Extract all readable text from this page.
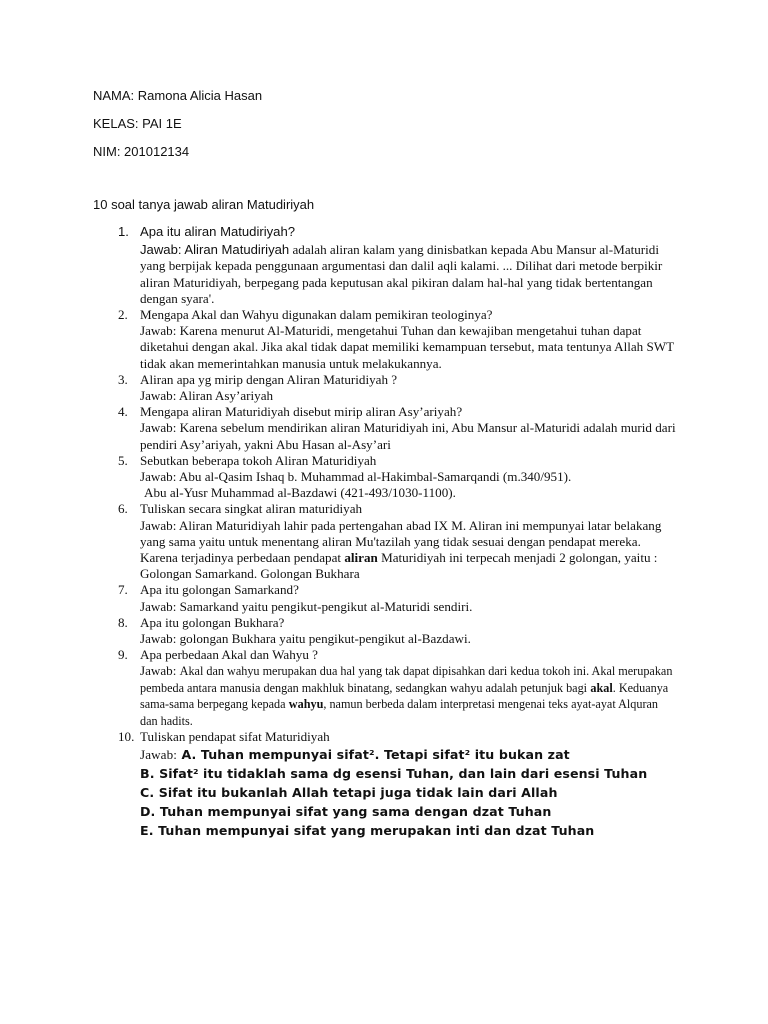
NAMA: Ramona Alicia Hasan
KELAS: PAI 1E
NIM: 201012134
10 soal tanya jawab aliran Matudiriyah
1. Apa itu aliran Matudiriyah?
Jawab: Aliran Matudiriyah adalah aliran kalam yang dinisbatkan kepada Abu Mansur al-Maturidi yang berpijak kepada penggunaan argumentasi dan dalil aqli kalami. ... Dilihat dari metode berpikir aliran Maturidiyah, berpegang pada keputusan akal pikiran dalam hal-hal yang tidak bertentangan dengan syara'.
2. Mengapa Akal dan Wahyu digunakan dalam pemikiran teologinya?
Jawab: Karena menurut Al-Maturidi, mengetahui Tuhan dan kewajiban mengetahui tuhan dapat diketahui dengan akal. Jika akal tidak dapat memiliki kemampuan tersebut, mata tentunya Allah SWT tidak akan memerintahkan manusia untuk melakukannya.
3. Aliran apa yg mirip dengan Aliran Maturidiyah ?
Jawab: Aliran Asy’ariyah
4. Mengapa aliran Maturidiyah disebut mirip aliran Asy’ariyah?
Jawab: Karena sebelum mendirikan aliran Maturidiyah ini, Abu Mansur al-Maturidi adalah murid dari pendiri Asy’ariyah, yakni Abu Hasan al-Asy’ari
5. Sebutkan beberapa tokoh Aliran Maturidiyah
Jawab: Abu al-Qasim Ishaq b. Muhammad al-Hakimbal-Samarqandi (m.340/951).
Abu al-Yusr Muhammad al-Bazdawi (421-493/1030-1100).
6. Tuliskan secara singkat aliran maturidiyah
Jawab: Aliran Maturidiyah lahir pada pertengahan abad IX M. Aliran ini mempunyai latar belakang yang sama yaitu untuk menentang aliran Mu'tazilah yang tidak sesuai dengan pendapat mereka. Karena terjadinya perbedaan pendapat aliran Maturidiyah ini terpecah menjadi 2 golongan, yaitu : Golongan Samarkand. Golongan Bukhara
7. Apa itu golongan Samarkand?
Jawab: Samarkand yaitu pengikut-pengikut al-Maturidi sendiri.
8. Apa itu golongan Bukhara?
Jawab: golongan Bukhara yaitu pengikut-pengikut al-Bazdawi.
9. Apa perbedaan Akal dan Wahyu ?
Jawab: Akal dan wahyu merupakan dua hal yang tak dapat dipisahkan dari kedua tokoh ini. Akal merupakan pembeda antara manusia dengan makhluk binatang, sedangkan wahyu adalah petunjuk bagi akal. Keduanya sama-sama berpegang kepada wahyu, namun berbeda dalam interpretasi mengenai teks ayat-ayat Alquran dan hadits.
10. Tuliskan pendapat sifat Maturidiyah
Jawab: A. Tuhan mempunyai sifat². Tetapi sifat² itu bukan zat
B. Sifat² itu tidaklah sama dg esensi Tuhan, dan lain dari esensi Tuhan
C. Sifat itu bukanlah Allah tetapi juga tidak lain dari Allah
D. Tuhan mempunyai sifat yang sama dengan dzat Tuhan
E. Tuhan mempunyai sifat yang merupakan inti dan dzat Tuhan
